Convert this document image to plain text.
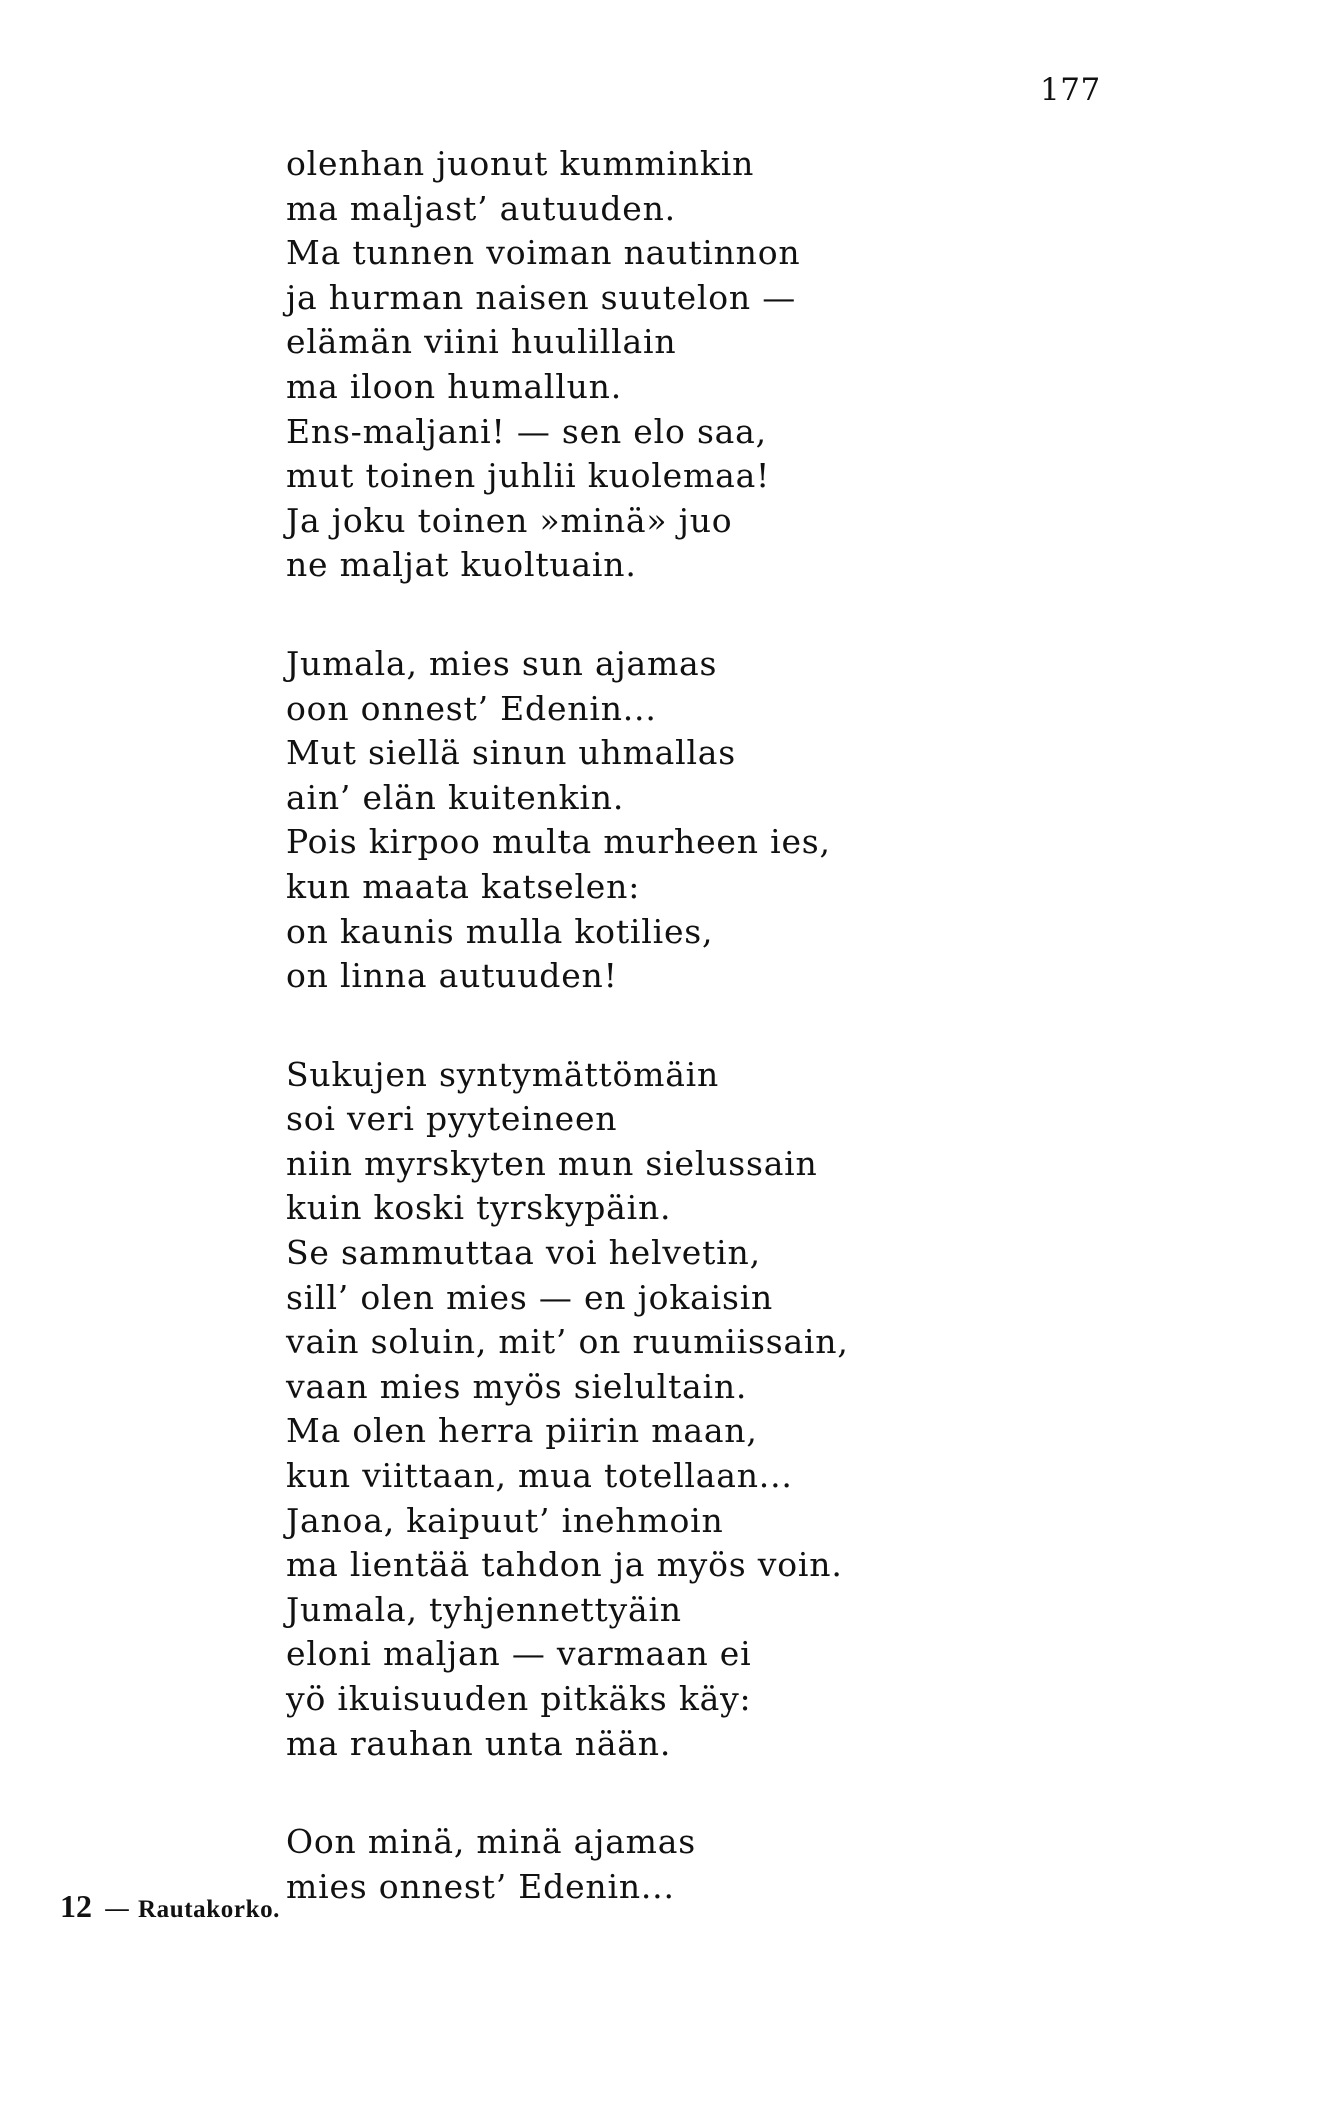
177
olenhan juonut kumminkin
ma maljast’ autuuden.
Ma tunnen voiman nautinnon
ja hurman naisen suutelon —
elämän viini huulillain
ma iloon humallun.
Ens-maljani! — sen elo saa,
mut toinen juhlii kuolemaa!
Ja joku toinen »minä» juo
ne maljat kuoltuain.
Jumala, mies sun ajamas
oon onnest’ Edenin...
Mut siellä sinun uhmallas
ain’ elän kuitenkin.
Pois kirpoo multa murheen ies,
kun maata katselen:
on kaunis mulla kotilies,
on linna autuuden!
Sukujen syntymättömäin
soi veri pyyteineen
niin myrskyten mun sielussain
kuin koski tyrskypäin.
Se sammuttaa voi helvetin,
sill’ olen mies — en jokaisin
vain soluin, mit’ on ruumiissain,
vaan mies myös sielultain.
Ma olen herra piirin maan,
kun viittaan, mua totellaan...
Janoa, kaipuut’ inehmoin
ma lientää tahdon ja myös voin.
Jumala, tyhjennettyäin
eloni maljan — varmaan ei
yö ikuisuuden pitkäks käy:
ma rauhan unta nään.
Oon minä, minä ajamas
mies onnest’ Edenin...
12 — Rautakorko.
